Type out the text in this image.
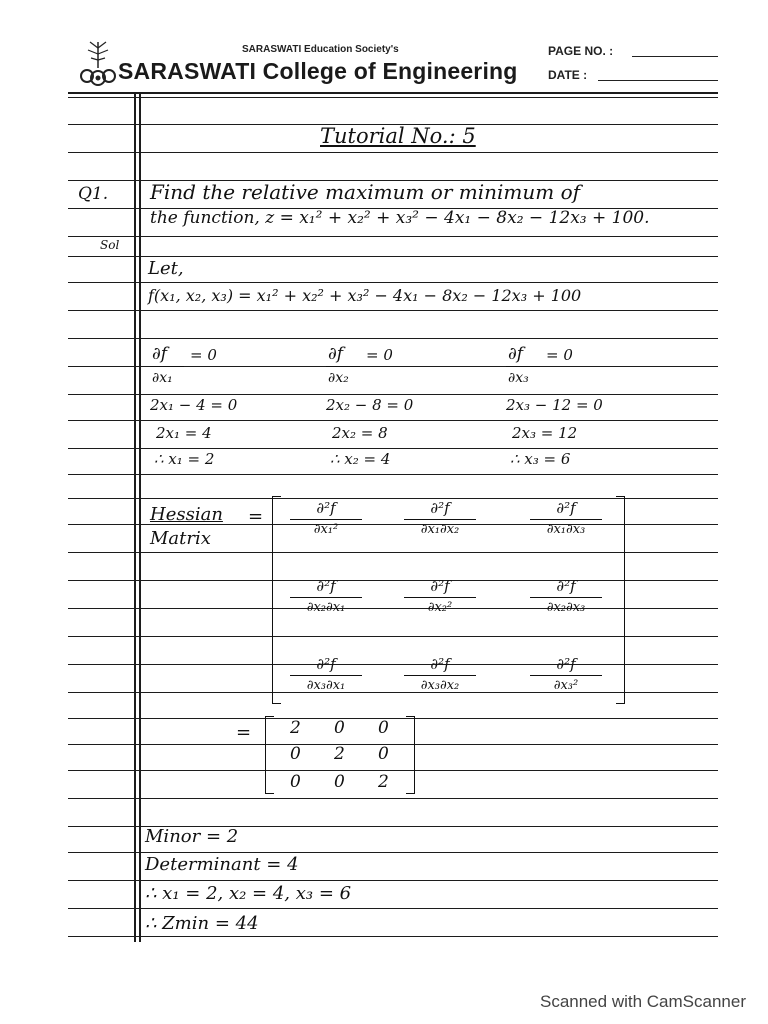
SARASWATI Education Society's
SARASWATI College of Engineering
PAGE NO. :
DATE :
Tutorial No.: 5
Q1. Find the relative maximum or minimum of
the function, z = x₁² + x₂² + x₃² − 4x₁ − 8x₂ − 12x₃ + 100.
Sol
Let,
f(x₁, x₂, x₃) = x₁² + x₂² + x₃² − 4x₁ − 8x₂ − 12x₃ + 100
∂f = 0
∂x₁
2x₁ − 4 = 0
2x₁ = 4
∴ x₁ = 2
∂f = 0
∂x₂
2x₂ − 8 = 0
2x₂ = 8
∴ x₂ = 4
∂f = 0
∂x₃
2x₃ − 12 = 0
2x₃ = 12
∴ x₃ = 6
Hessian
Matrix
=	∂²f
∂x₁²
∂²f
∂x₁∂x₂
∂²f
∂x₁∂x₃
∂²f
∂x₂∂x₁
∂²f
∂x₂²
∂²f
∂x₂∂x₃
∂²f
∂x₃∂x₁
∂²f
∂x₃∂x₂
∂²f
∂x₃²
= 2 0 0
0 2 0
0 0 2
Minor = 2
Determinant = 4
∴ x₁ = 2, x₂ = 4, x₃ = 6
∴ Zmin = 44
Scanned with CamScanner
